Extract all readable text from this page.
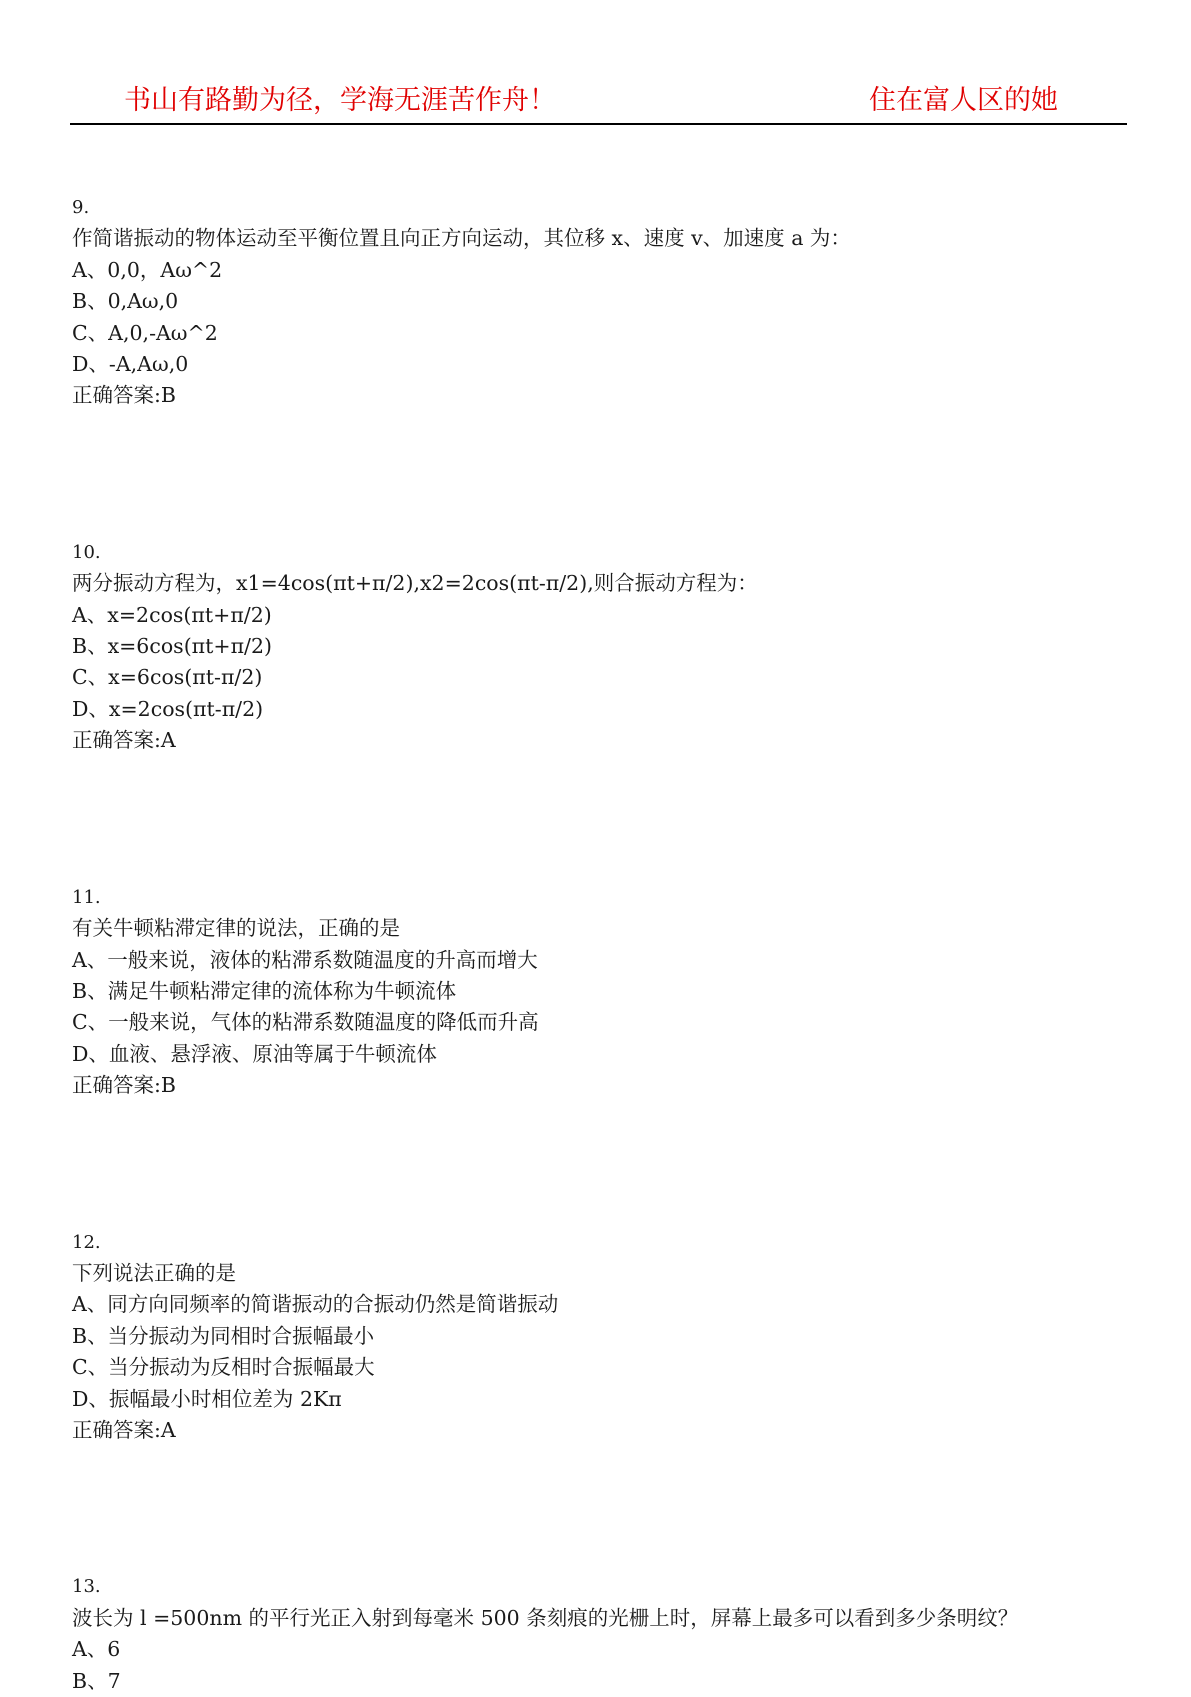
书山有路勤为径，学海无涯苦作舟！	住在富人区的她
9.
作简谐振动的物体运动至平衡位置且向正方向运动，其位移 x、速度 v、加速度 a 为：
A、0,0，Aω^2
B、0,Aω,0
C、A,0,-Aω^2
D、-A,Aω,0
正确答案:B
10.
两分振动方程为，x1=4cos(πt+π/2),x2=2cos(πt-π/2),则合振动方程为：
A、x=2cos(πt+π/2)
B、x=6cos(πt+π/2)
C、x=6cos(πt-π/2)
D、x=2cos(πt-π/2)
正确答案:A
11.
有关牛顿粘滞定律的说法，正确的是
A、一般来说，液体的粘滞系数随温度的升高而增大
B、满足牛顿粘滞定律的流体称为牛顿流体
C、一般来说，气体的粘滞系数随温度的降低而升高
D、血液、悬浮液、原油等属于牛顿流体
正确答案:B
12.
下列说法正确的是
A、同方向同频率的简谐振动的合振动仍然是简谐振动
B、当分振动为同相时合振幅最小
C、当分振动为反相时合振幅最大
D、振幅最小时相位差为 2Kπ
正确答案:A
13.
波长为 l =500nm 的平行光正入射到每毫米 500 条刻痕的光栅上时，屏幕上最多可以看到多少条明纹？
A、6
B、7
